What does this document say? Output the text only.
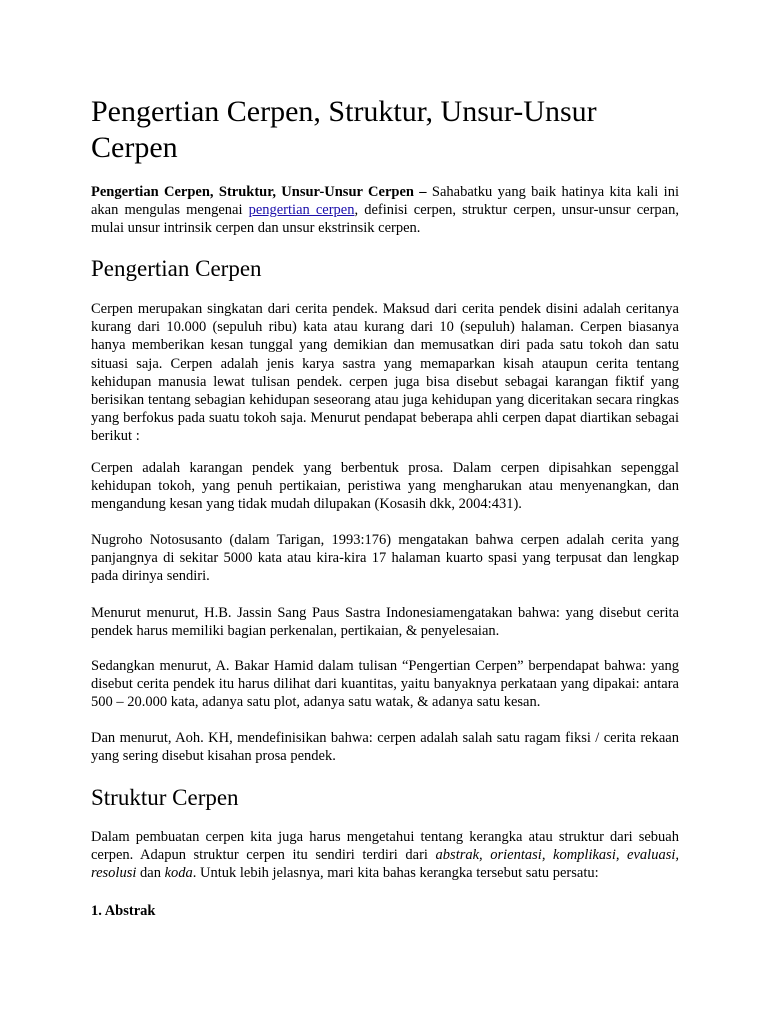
Pengertian Cerpen, Struktur, Unsur-Unsur Cerpen

Pengertian Cerpen, Struktur, Unsur-Unsur Cerpen – Sahabatku yang baik hatinya kita kali ini akan mengulas mengenai pengertian cerpen, definisi cerpen, struktur cerpen, unsur-unsur cerpan, mulai unsur intrinsik cerpen dan unsur ekstrinsik cerpen.

Pengertian Cerpen

Cerpen merupakan singkatan dari cerita pendek. Maksud dari cerita pendek disini adalah ceritanya kurang dari 10.000 (sepuluh ribu) kata atau kurang dari 10 (sepuluh) halaman. Cerpen biasanya hanya memberikan kesan tunggal yang demikian dan memusatkan diri pada satu tokoh dan satu situasi saja. Cerpen adalah jenis karya sastra yang memaparkan kisah ataupun cerita tentang kehidupan manusia lewat tulisan pendek. cerpen juga bisa disebut sebagai karangan fiktif yang berisikan tentang sebagian kehidupan seseorang atau juga kehidupan yang diceritakan secara ringkas yang berfokus pada suatu tokoh saja. Menurut pendapat beberapa ahli cerpen dapat diartikan sebagai berikut :

Cerpen adalah karangan pendek yang berbentuk prosa. Dalam cerpen dipisahkan sepenggal kehidupan tokoh, yang penuh pertikaian, peristiwa yang mengharukan atau menyenangkan, dan mengandung kesan yang tidak mudah dilupakan (Kosasih dkk, 2004:431).

Nugroho Notosusanto (dalam Tarigan, 1993:176) mengatakan bahwa cerpen adalah cerita yang panjangnya di sekitar 5000 kata atau kira-kira 17 halaman kuarto spasi yang terpusat dan lengkap pada dirinya sendiri.

Menurut menurut, H.B. Jassin Sang Paus Sastra Indonesiamengatakan bahwa: yang disebut cerita pendek harus memiliki bagian perkenalan, pertikaian, & penyelesaian.

Sedangkan menurut, A. Bakar Hamid dalam tulisan “Pengertian Cerpen” berpendapat bahwa: yang disebut cerita pendek itu harus dilihat dari kuantitas, yaitu banyaknya perkataan yang dipakai: antara 500 – 20.000 kata, adanya satu plot, adanya satu watak, & adanya satu kesan.

Dan menurut, Aoh. KH, mendefinisikan bahwa: cerpen adalah salah satu ragam fiksi / cerita rekaan yang sering disebut kisahan prosa pendek.

Struktur Cerpen

Dalam pembuatan cerpen kita juga harus mengetahui tentang kerangka atau struktur dari sebuah cerpen. Adapun struktur cerpen itu sendiri terdiri dari abstrak, orientasi, komplikasi, evaluasi, resolusi dan koda. Untuk lebih jelasnya, mari kita bahas kerangka tersebut satu persatu:

1. Abstrak
